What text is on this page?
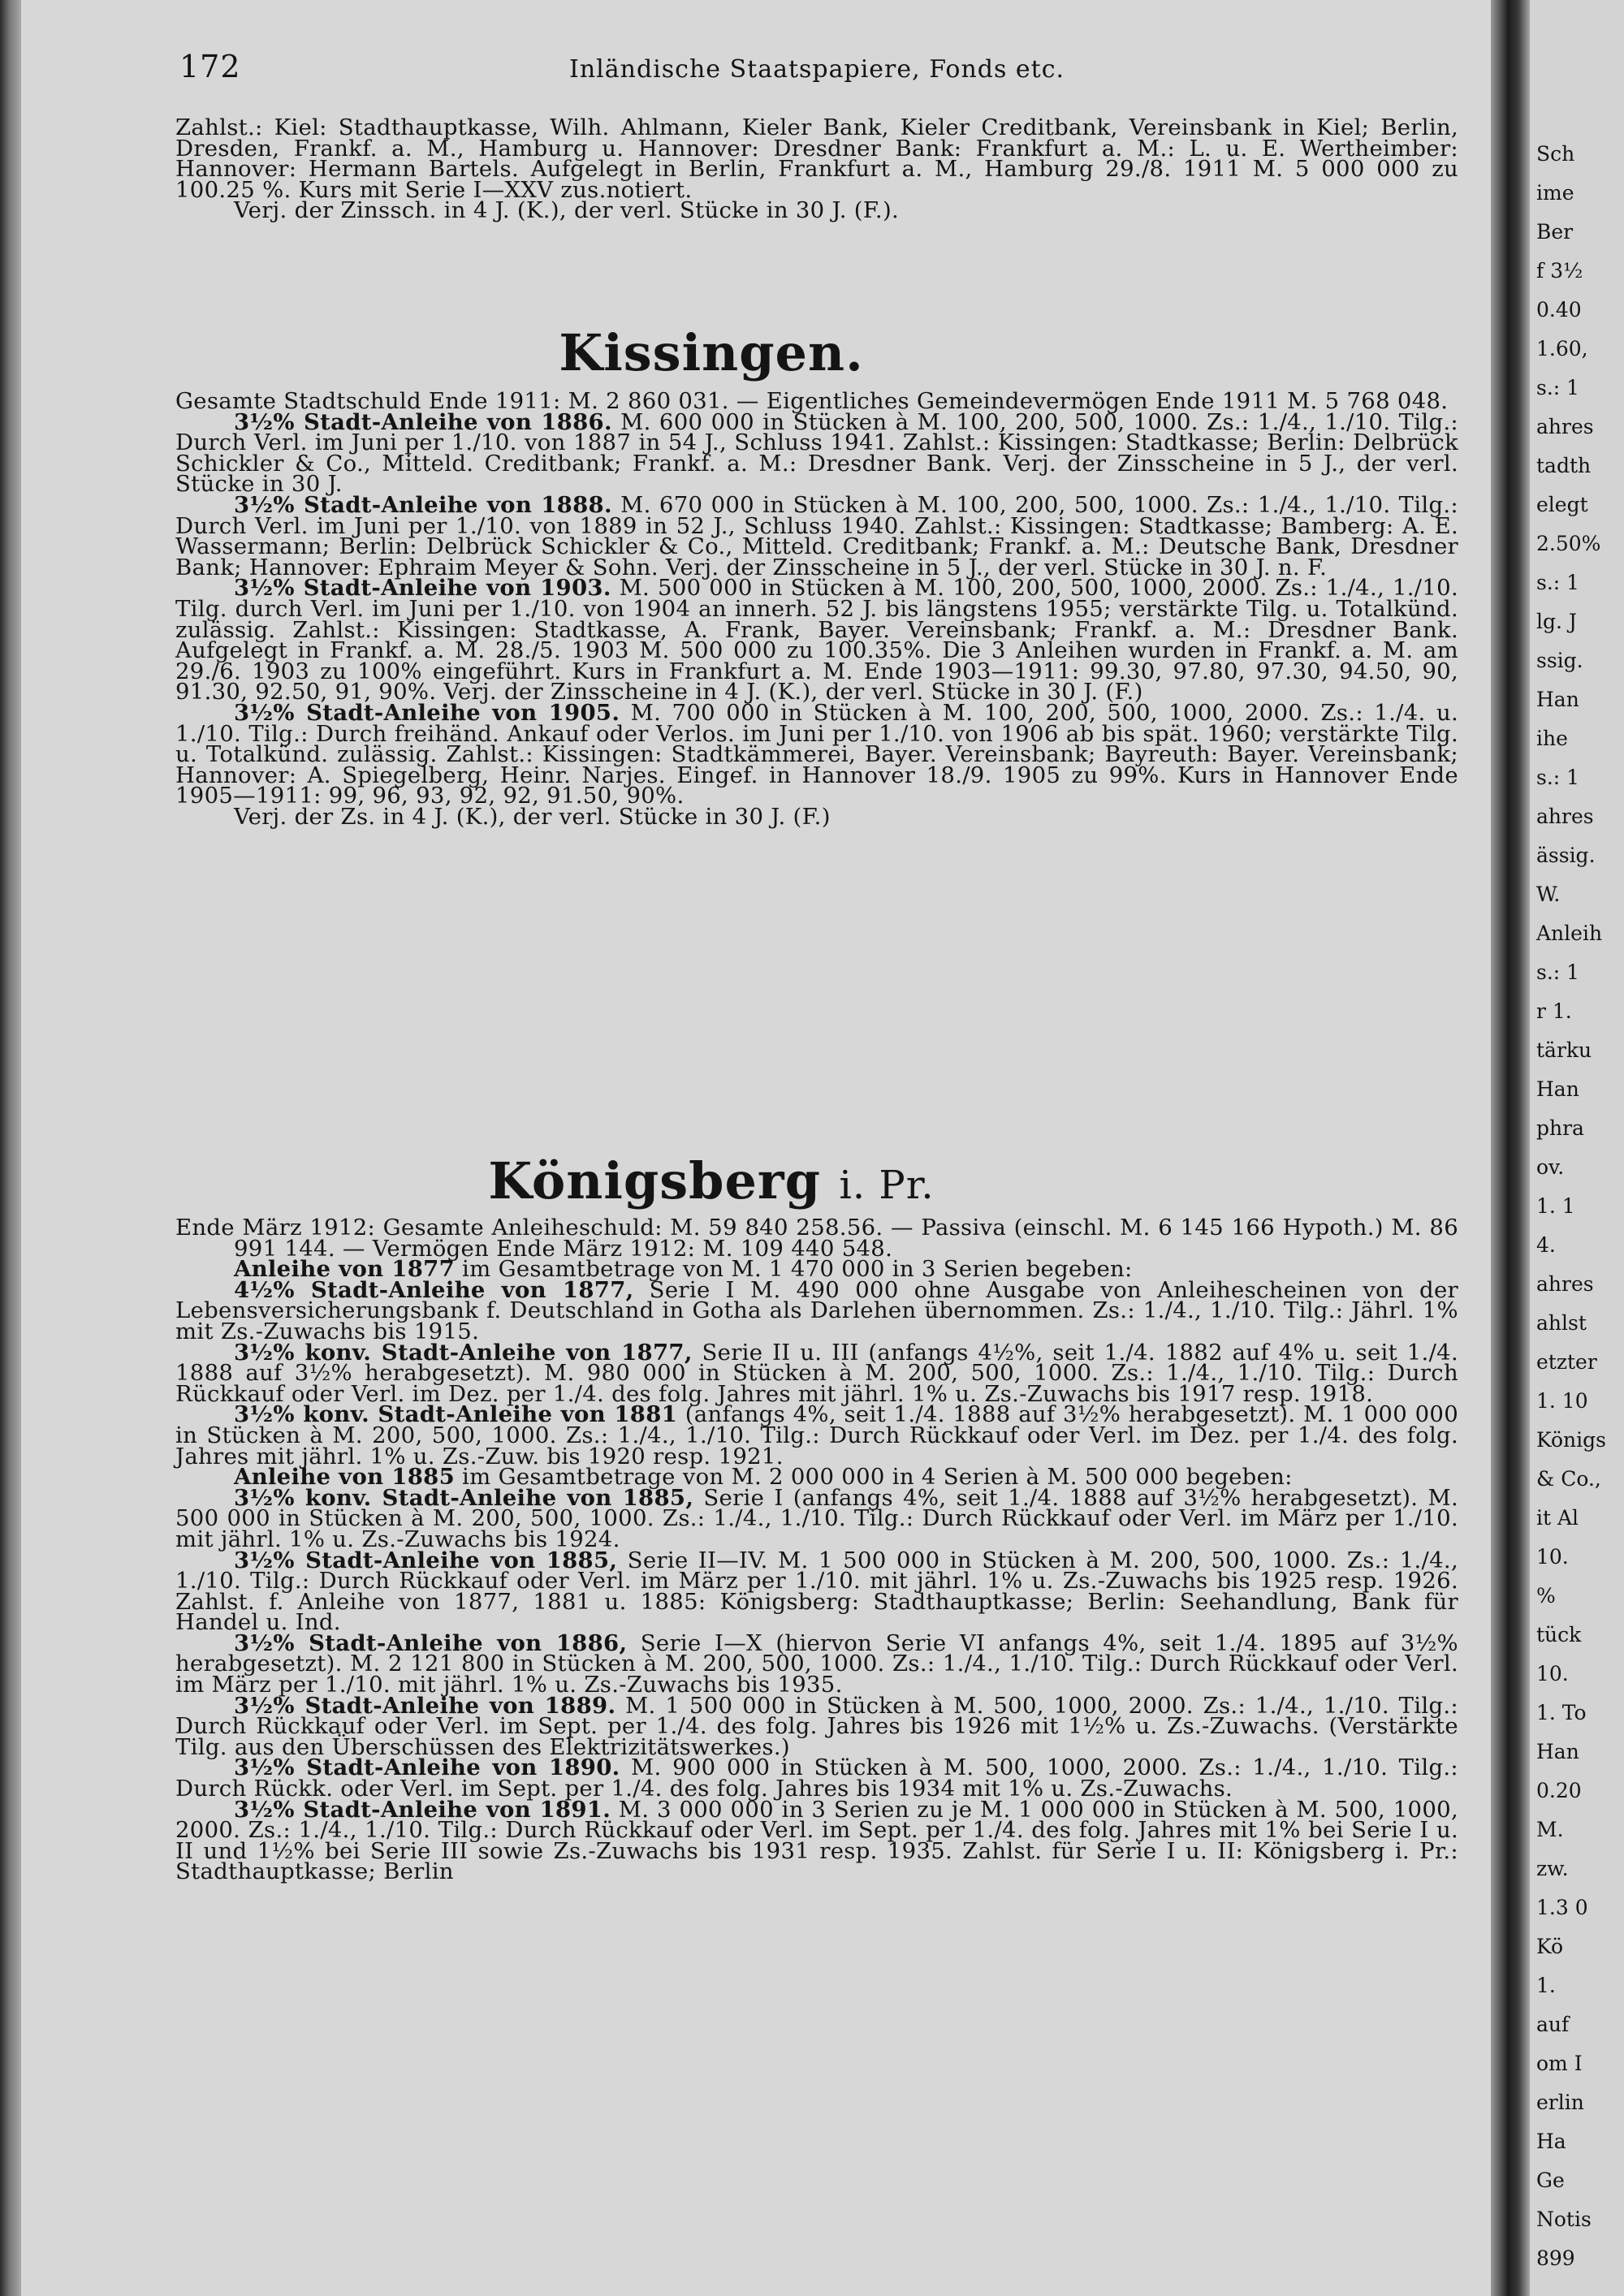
172	Inländische Staatspapiere, Fonds etc.

Zahlst.: Kiel: Stadthauptkasse, Wilh. Ahlmann, Kieler Bank, Kieler Creditbank, Vereinsbank in Kiel; Berlin, Dresden, Frankf. a. M., Hamburg u. Hannover: Dresdner Bank: Frankfurt a. M.: L. u. E. Wertheimber: Hannover: Hermann Bartels. Aufgelegt in Berlin, Frankfurt a. M., Hamburg 29./8. 1911 M. 5 000 000 zu 100.25 %. Kurs mit Serie I—XXV zus.notiert.

Verj. der Zinssch. in 4 J. (K.), der verl. Stücke in 30 J. (F.).

Kissingen.

Gesamte Stadtschuld Ende 1911: M. 2 860 031. — Eigentliches Gemeindevermögen Ende 1911 M. 5 768 048.

3½% Stadt-Anleihe von 1886. M. 600 000 in Stücken à M. 100, 200, 500, 1000. Zs.: 1./4., 1./10. Tilg.: Durch Verl. im Juni per 1./10. von 1887 in 54 J., Schluss 1941. Zahlst.: Kissingen: Stadtkasse; Berlin: Delbrück Schickler & Co., Mitteld. Creditbank; Frankf. a. M.: Dresdner Bank. Verj. der Zinsscheine in 5 J., der verl. Stücke in 30 J.

3½% Stadt-Anleihe von 1888. M. 670 000 in Stücken à M. 100, 200, 500, 1000. Zs.: 1./4., 1./10. Tilg.: Durch Verl. im Juni per 1./10. von 1889 in 52 J., Schluss 1940. Zahlst.: Kissingen: Stadtkasse; Bamberg: A. E. Wassermann; Berlin: Delbrück Schickler & Co., Mitteld. Creditbank; Frankf. a. M.: Deutsche Bank, Dresdner Bank; Hannover: Ephraim Meyer & Sohn. Verj. der Zinsscheine in 5 J., der verl. Stücke in 30 J. n. F.

3½% Stadt-Anleihe von 1903. M. 500 000 in Stücken à M. 100, 200, 500, 1000, 2000. Zs.: 1./4., 1./10. Tilg. durch Verl. im Juni per 1./10. von 1904 an innerh. 52 J. bis längstens 1955; verstärkte Tilg. u. Totalkünd. zulässig. Zahlst.: Kissingen: Stadtkasse, A. Frank, Bayer. Vereinsbank; Frankf. a. M.: Dresdner Bank. Aufgelegt in Frankf. a. M. 28./5. 1903 M. 500 000 zu 100.35%. Die 3 Anleihen wurden in Frankf. a. M. am 29./6. 1903 zu 100% eingeführt. Kurs in Frankfurt a. M. Ende 1903—1911: 99.30, 97.80, 97.30, 94.50, 90, 91.30, 92.50, 91, 90%. Verj. der Zinsscheine in 4 J. (K.), der verl. Stücke in 30 J. (F.)

3½% Stadt-Anleihe von 1905. M. 700 000 in Stücken à M. 100, 200, 500, 1000, 2000. Zs.: 1./4. u. 1./10. Tilg.: Durch freihänd. Ankauf oder Verlos. im Juni per 1./10. von 1906 ab bis spät. 1960; verstärkte Tilg. u. Totalkünd. zulässig. Zahlst.: Kissingen: Stadtkämmerei, Bayer. Vereinsbank; Bayreuth: Bayer. Vereinsbank; Hannover: A. Spiegelberg, Heinr. Narjes. Eingef. in Hannover 18./9. 1905 zu 99%. Kurs in Hannover Ende 1905—1911: 99, 96, 93, 92, 92, 91.50, 90%.

Verj. der Zs. in 4 J. (K.), der verl. Stücke in 30 J. (F.)

Königsberg i. Pr.

Ende März 1912: Gesamte Anleiheschuld: M. 59 840 258.56. — Passiva (einschl. M. 6 145 166 Hypoth.) M. 86 991 144. — Vermögen Ende März 1912: M. 109 440 548.

Anleihe von 1877 im Gesamtbetrage von M. 1 470 000 in 3 Serien begeben:

4½% Stadt-Anleihe von 1877, Serie I M. 490 000 ohne Ausgabe von Anleihescheinen von der Lebensversicherungsbank f. Deutschland in Gotha als Darlehen übernommen. Zs.: 1./4., 1./10. Tilg.: Jährl. 1% mit Zs.-Zuwachs bis 1915.

3½% konv. Stadt-Anleihe von 1877, Serie II u. III (anfangs 4½%, seit 1./4. 1882 auf 4% u. seit 1./4. 1888 auf 3½% herabgesetzt). M. 980 000 in Stücken à M. 200, 500, 1000. Zs.: 1./4., 1./10. Tilg.: Durch Rückkauf oder Verl. im Dez. per 1./4. des folg. Jahres mit jährl. 1% u. Zs.-Zuwachs bis 1917 resp. 1918.

3½% konv. Stadt-Anleihe von 1881 (anfangs 4%, seit 1./4. 1888 auf 3½% herabgesetzt). M. 1 000 000 in Stücken à M. 200, 500, 1000. Zs.: 1./4., 1./10. Tilg.: Durch Rückkauf oder Verl. im Dez. per 1./4. des folg. Jahres mit jährl. 1% u. Zs.-Zuw. bis 1920 resp. 1921.

Anleihe von 1885 im Gesamtbetrage von M. 2 000 000 in 4 Serien à M. 500 000 begeben:

3½% konv. Stadt-Anleihe von 1885, Serie I (anfangs 4%, seit 1./4. 1888 auf 3½% herabgesetzt). M. 500 000 in Stücken à M. 200, 500, 1000. Zs.: 1./4., 1./10. Tilg.: Durch Rückkauf oder Verl. im März per 1./10. mit jährl. 1% u. Zs.-Zuwachs bis 1924.

3½% Stadt-Anleihe von 1885, Serie II—IV. M. 1 500 000 in Stücken à M. 200, 500, 1000. Zs.: 1./4., 1./10. Tilg.: Durch Rückkauf oder Verl. im März per 1./10. mit jährl. 1% u. Zs.-Zuwachs bis 1925 resp. 1926. Zahlst. f. Anleihe von 1877, 1881 u. 1885: Königsberg: Stadthauptkasse; Berlin: Seehandlung, Bank für Handel u. Ind.

3½% Stadt-Anleihe von 1886, Serie I—X (hiervon Serie VI anfangs 4%, seit 1./4. 1895 auf 3½% herabgesetzt). M. 2 121 800 in Stücken à M. 200, 500, 1000. Zs.: 1./4., 1./10. Tilg.: Durch Rückkauf oder Verl. im März per 1./10. mit jährl. 1% u. Zs.-Zuwachs bis 1935.

3½% Stadt-Anleihe von 1889. M. 1 500 000 in Stücken à M. 500, 1000, 2000. Zs.: 1./4., 1./10. Tilg.: Durch Rückkauf oder Verl. im Sept. per 1./4. des folg. Jahres bis 1926 mit 1½% u. Zs.-Zuwachs. (Verstärkte Tilg. aus den Überschüssen des Elektrizitätswerkes.)

3½% Stadt-Anleihe von 1890. M. 900 000 in Stücken à M. 500, 1000, 2000. Zs.: 1./4., 1./10. Tilg.: Durch Rückk. oder Verl. im Sept. per 1./4. des folg. Jahres bis 1934 mit 1% u. Zs.-Zuwachs.

3½% Stadt-Anleihe von 1891. M. 3 000 000 in 3 Serien zu je M. 1 000 000 in Stücken à M. 500, 1000, 2000. Zs.: 1./4., 1./10. Tilg.: Durch Rückkauf oder Verl. im Sept. per 1./4. des folg. Jahres mit 1% bei Serie I u. II und 1½% bei Serie III sowie Zs.-Zuwachs bis 1931 resp. 1935. Zahlst. für Serie I u. II: Königsberg i. Pr.: Stadthauptkasse; Berlin

Sch
ime
Ber
f 3½
0.40
1.60,
s.: 1
ahres
tadth
elegt
2.50%
s.: 1
lg. J
ssig.
Han
ihe
s.: 1
ahres
ässig.
W.
Anleih
s.: 1
r 1.
tärku
Han
phra
ov.
1. 1
4.
ahres
ahlst
etzter
1. 10
Königs
& Co.,
it Al
10.
%
tück
10.
1. To
Han
0.20
M.
zw.
1.3 0
Kö
1.
auf
om I
erlin
Ha
Ge
Notis
899
